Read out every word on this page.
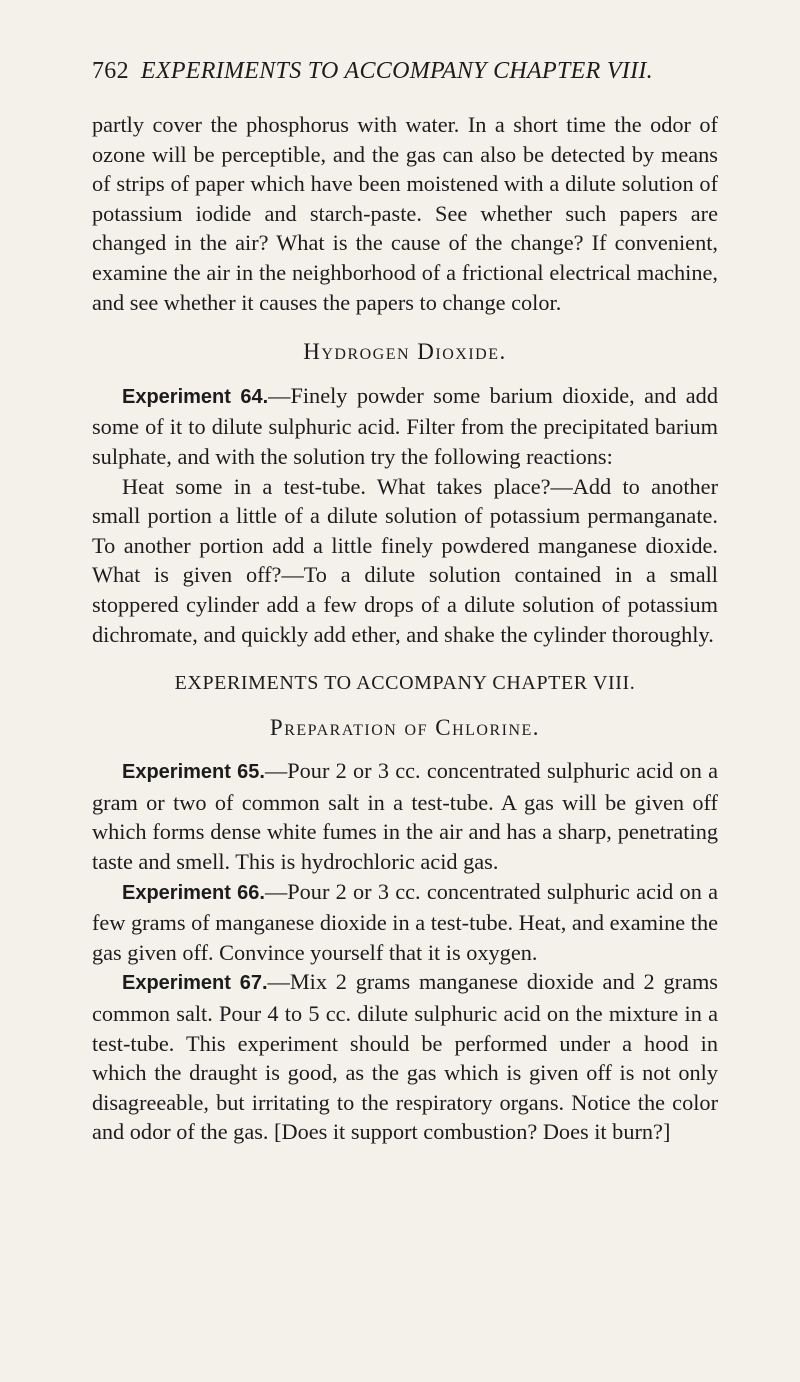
762 EXPERIMENTS TO ACCOMPANY CHAPTER VIII.

partly cover the phosphorus with water. In a short time the odor of ozone will be perceptible, and the gas can also be detected by means of strips of paper which have been moistened with a dilute solution of potassium iodide and starch-paste. See whether such papers are changed in the air? What is the cause of the change? If convenient, examine the air in the neighborhood of a frictional electrical machine, and see whether it causes the papers to change color.

Hydrogen Dioxide.

Experiment 64.—Finely powder some barium dioxide, and add some of it to dilute sulphuric acid. Filter from the precipitated barium sulphate, and with the solution try the following reactions:

Heat some in a test-tube. What takes place?—Add to another small portion a little of a dilute solution of potassium permanganate. To another portion add a little finely powdered manganese dioxide. What is given off?—To a dilute solution contained in a small stoppered cylinder add a few drops of a dilute solution of potassium dichromate, and quickly add ether, and shake the cylinder thoroughly.

EXPERIMENTS TO ACCOMPANY CHAPTER VIII.

Preparation of Chlorine.

Experiment 65.—Pour 2 or 3 cc. concentrated sulphuric acid on a gram or two of common salt in a test-tube. A gas will be given off which forms dense white fumes in the air and has a sharp, penetrating taste and smell. This is hydrochloric acid gas.

Experiment 66.—Pour 2 or 3 cc. concentrated sulphuric acid on a few grams of manganese dioxide in a test-tube. Heat, and examine the gas given off. Convince yourself that it is oxygen.

Experiment 67.—Mix 2 grams manganese dioxide and 2 grams common salt. Pour 4 to 5 cc. dilute sulphuric acid on the mixture in a test-tube. This experiment should be performed under a hood in which the draught is good, as the gas which is given off is not only disagreeable, but irritating to the respiratory organs. Notice the color and odor of the gas. [Does it support combustion? Does it burn?]
